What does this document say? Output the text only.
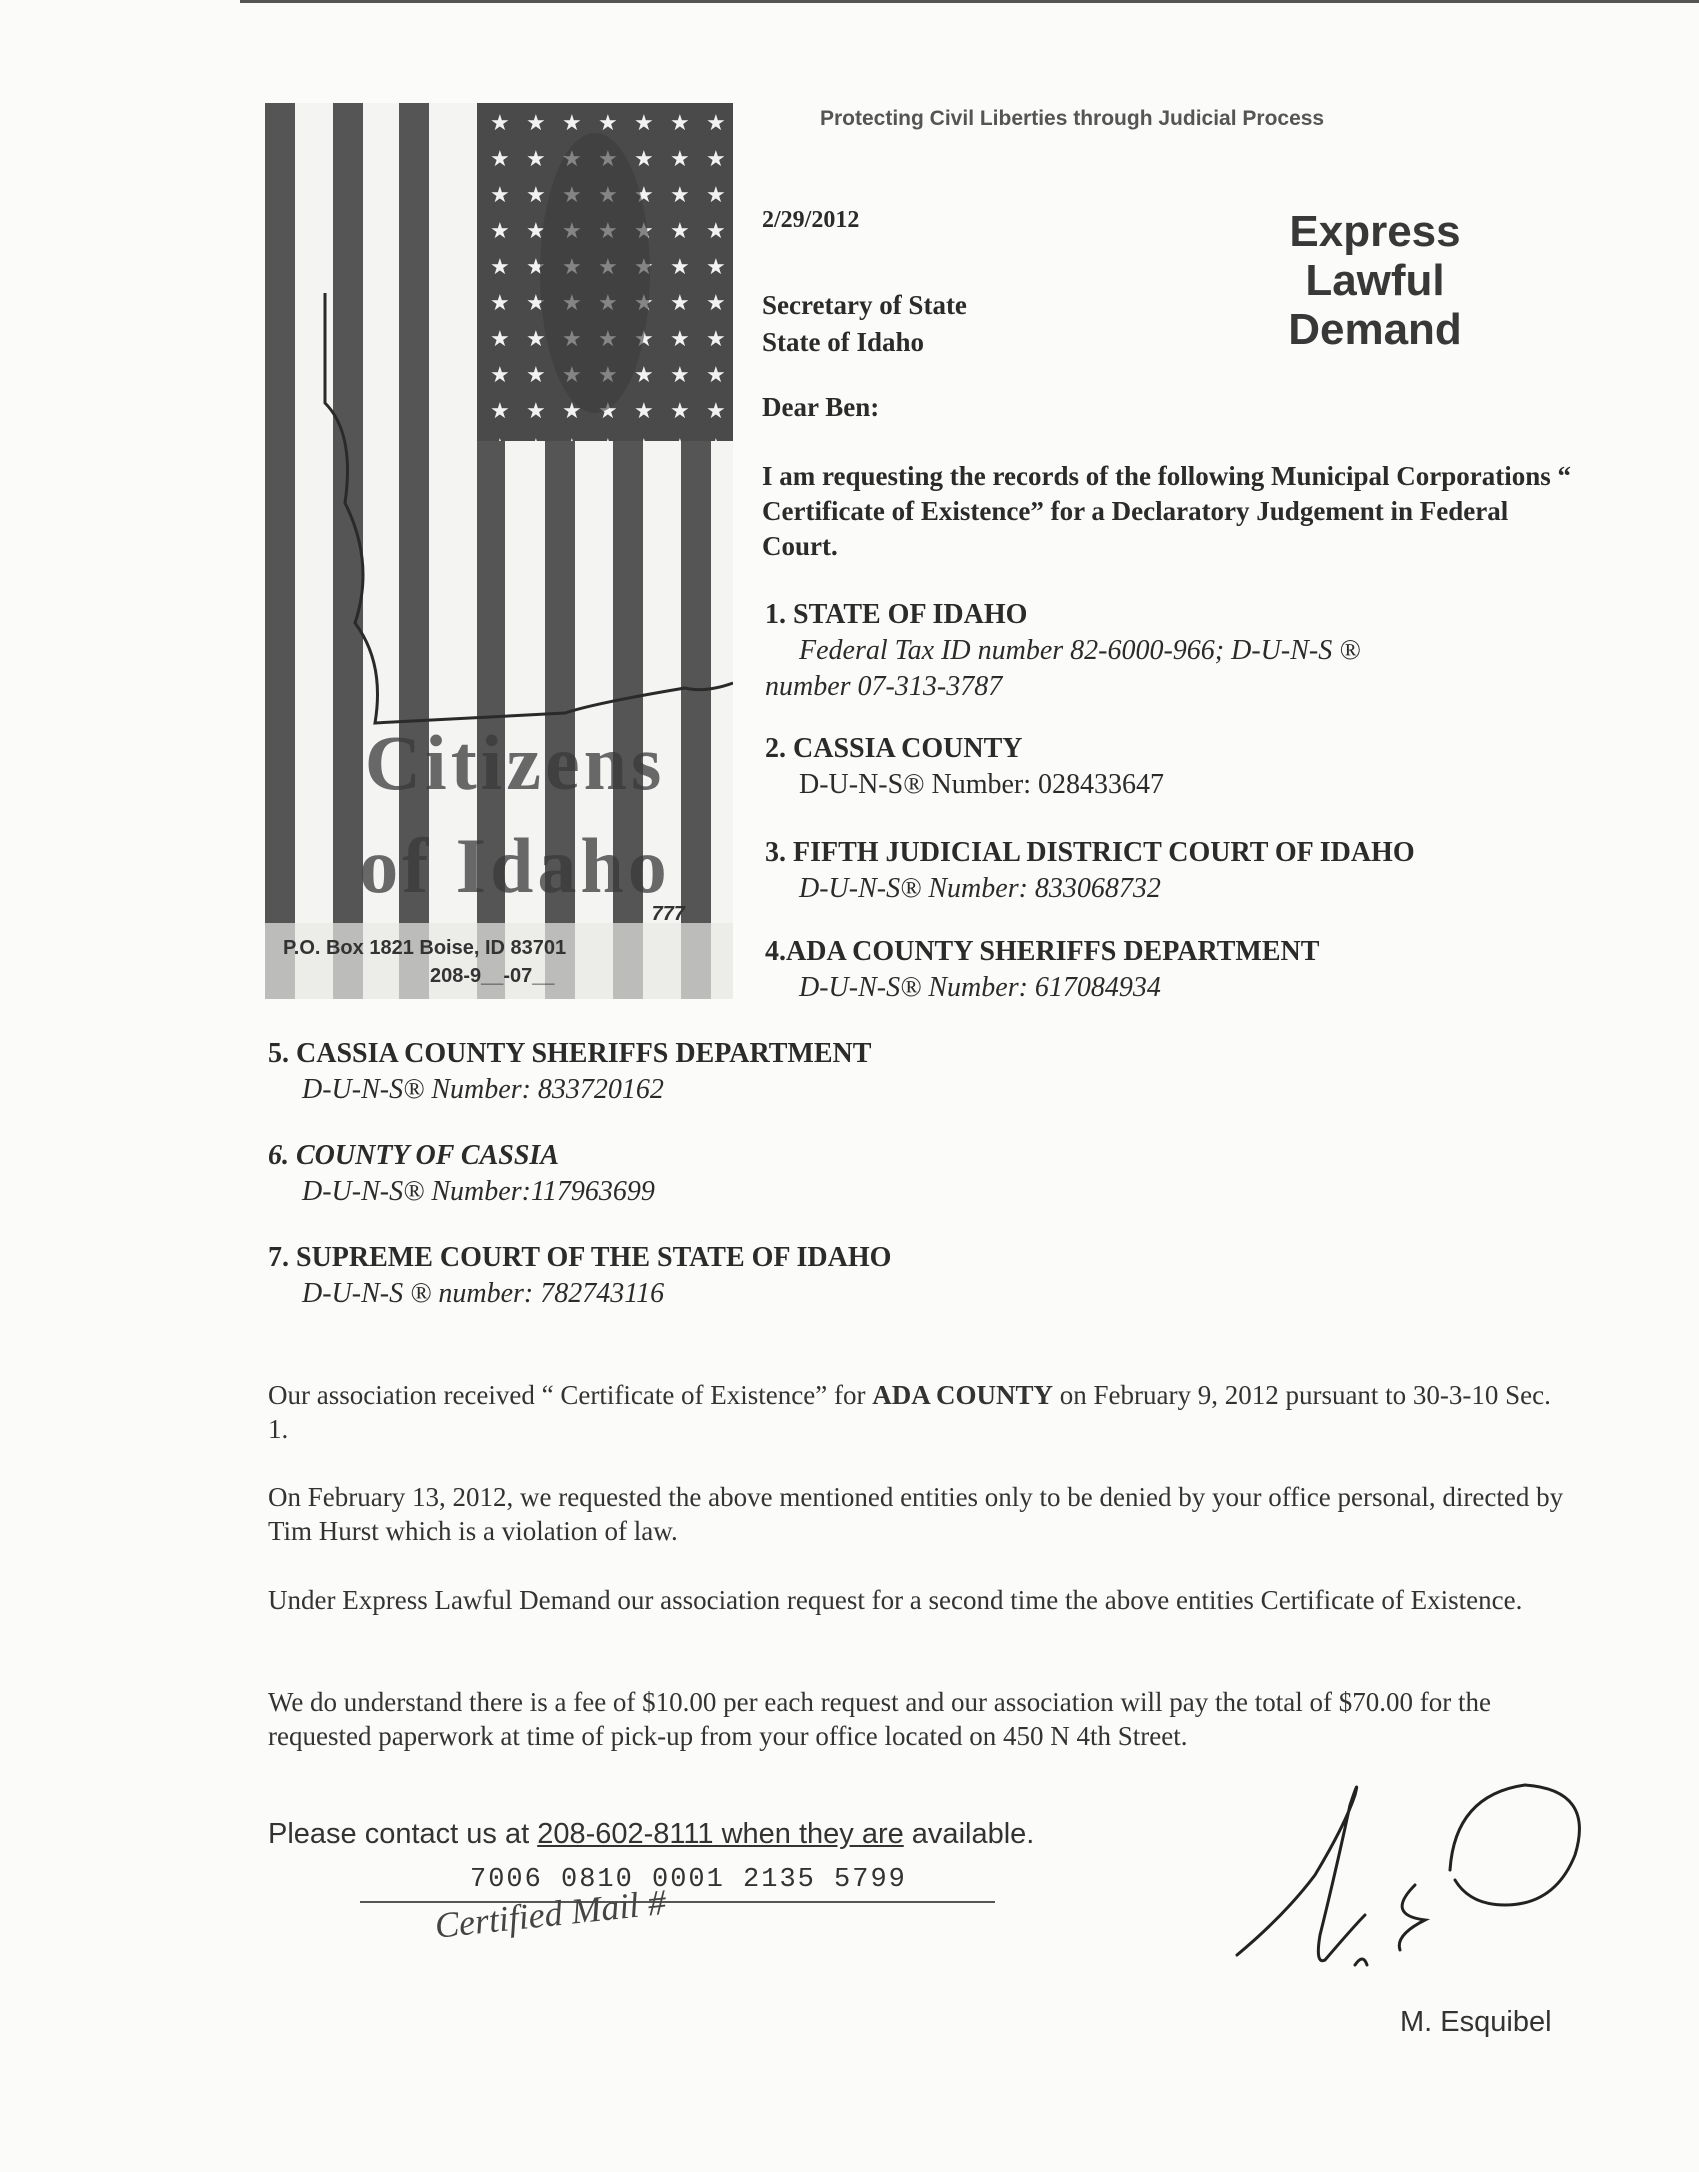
Citizens
of Idaho
777
P.O. Box 1821 Boise, ID 83701
208-9__-07__
Protecting Civil Liberties through Judicial Process
2/29/2012
Secretary of State
State of Idaho
Express
Lawful
Demand
Dear Ben:
I am requesting the records of the following Municipal Corporations “ Certificate of Existence” for a Declaratory Judgement in Federal Court.
1. STATE OF IDAHO
Federal Tax ID number 82-6000-966; D-U-N-S ®
number 07-313-3787
2. CASSIA COUNTY
D-U-N-S® Number: 028433647
3. FIFTH JUDICIAL DISTRICT COURT OF IDAHO
D-U-N-S® Number: 833068732
4.ADA COUNTY SHERIFFS DEPARTMENT
D-U-N-S® Number: 617084934
5. CASSIA COUNTY SHERIFFS DEPARTMENT
D-U-N-S® Number: 833720162
6. COUNTY OF CASSIA
D-U-N-S® Number:117963699
7. SUPREME COURT OF THE STATE OF IDAHO
D-U-N-S ® number: 782743116
Our association received “ Certificate of Existence” for ADA COUNTY on February 9, 2012 pursuant to 30-3-10 Sec. 1.
On February 13, 2012, we requested the above mentioned entities only to be denied by your office personal, directed by Tim Hurst which is a violation of law.
Under Express Lawful Demand our association request for a second time the above entities Certificate of Existence.
We do understand there is a fee of $10.00 per each request and our association will pay the total of $70.00 for the requested paperwork at time of pick-up from your office located on 450 N 4th Street.
Please contact us at 208-602-8111 when they are available.
7006 0810 0001 2135 5799
Certified Mail #
M. Esquibel
